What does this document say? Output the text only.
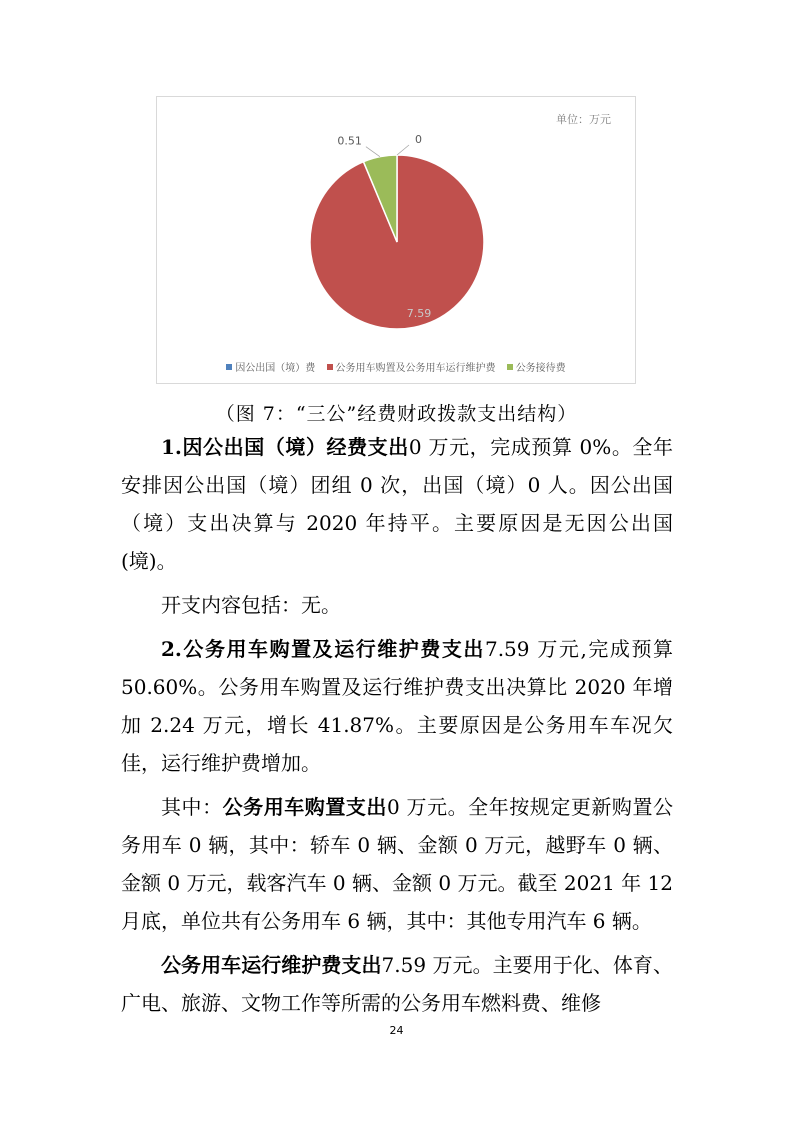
单位：万元
0
0.51
7.59
因公出国（境）费 公务用车购置及公务用车运行维护费 公务接待费
（图 7：“三公”经费财政拨款支出结构）

1.因公出国（境）经费支出0 万元，完成预算 0%。全年安排因公出国（境）团组 0 次，出国（境）0 人。因公出国（境）支出决算与 2020 年持平。主要原因是无因公出国(境)。

开支内容包括：无。

2.公务用车购置及运行维护费支出7.59 万元,完成预算 50.60%。公务用车购置及运行维护费支出决算比 2020 年增加 2.24 万元，增长 41.87%。主要原因是公务用车车况欠佳，运行维护费增加。

其中：公务用车购置支出0 万元。全年按规定更新购置公务用车 0 辆，其中：轿车 0 辆、金额 0 万元，越野车 0 辆、金额 0 万元，载客汽车 0 辆、金额 0 万元。截至 2021 年 12 月底，单位共有公务用车 6 辆，其中：其他专用汽车 6 辆。

公务用车运行维护费支出7.59 万元。主要用于化、体育、广电、旅游、文物工作等所需的公务用车燃料费、维修

24
